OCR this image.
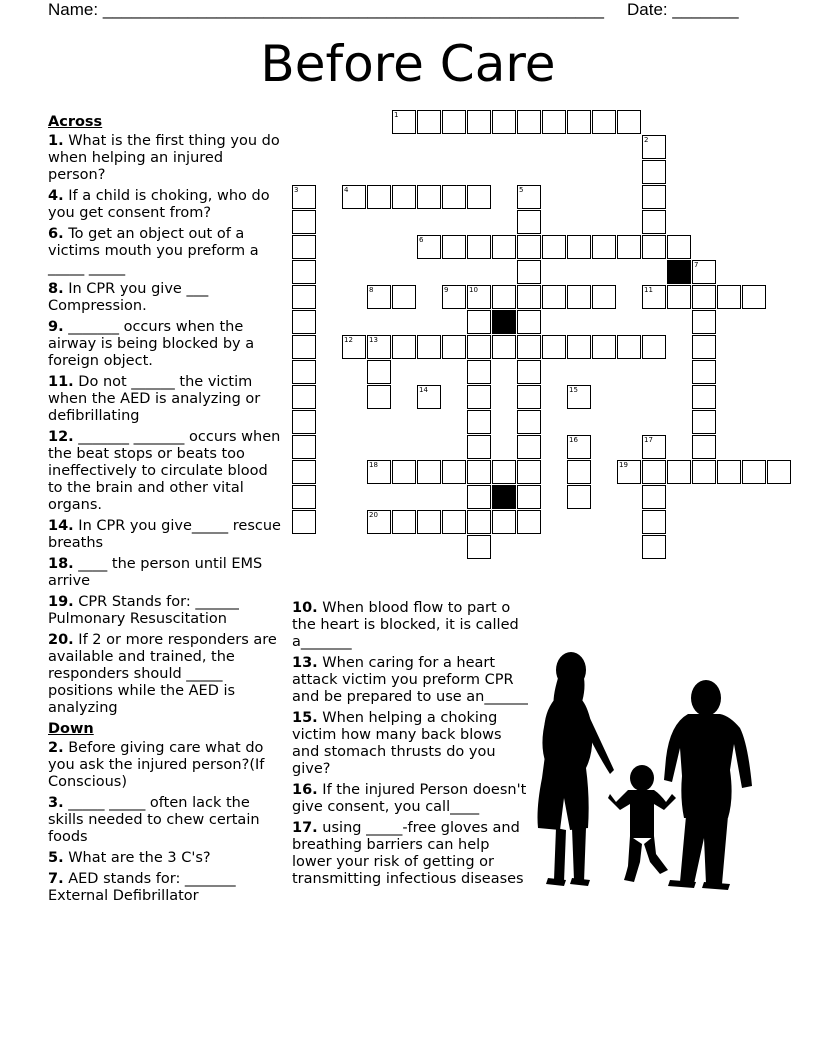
Name: _____________________________________________________ Date: _______
Before Care
1
2
3	4	5
6
7
8	9	10	11
12 13
14	15
16	17
18	19
20
Across
1. What is the first thing you do when helping an injured person?
4. If a child is choking, who do you get consent from?
6. To get an object out of a victims mouth you preform a _____ _____
8. In CPR you give ___ Compression.
9. _______ occurs when the airway is being blocked by a foreign object.
11. Do not ______ the victim when the AED is analyzing or defibrillating
12. _______ _______ occurs when the beat stops or beats too ineffectively to circulate blood to the brain and other vital organs.
14. In CPR you give_____ rescue breaths
18. ____ the person until EMS arrive
19. CPR Stands for: ______ Pulmonary Resuscitation
20. If 2 or more responders are available and trained, the responders should _____ positions while the AED is analyzing
Down
2. Before giving care what do you ask the injured person?(If Conscious)
3. _____ _____ often lack the skills needed to chew certain foods
5. What are the 3 C's?
7. AED stands for: _______ External Defibrillator
10. When blood flow to part o the heart is blocked, it is called a_______
13. When caring for a heart attack victim you preform CPR and be prepared to use an______
15. When helping a choking victim how many back blows and stomach thrusts do you give?
16. If the injured Person doesn't give consent, you call____
17. using _____-free gloves and breathing barriers can help lower your risk of getting or transmitting infectious diseases
